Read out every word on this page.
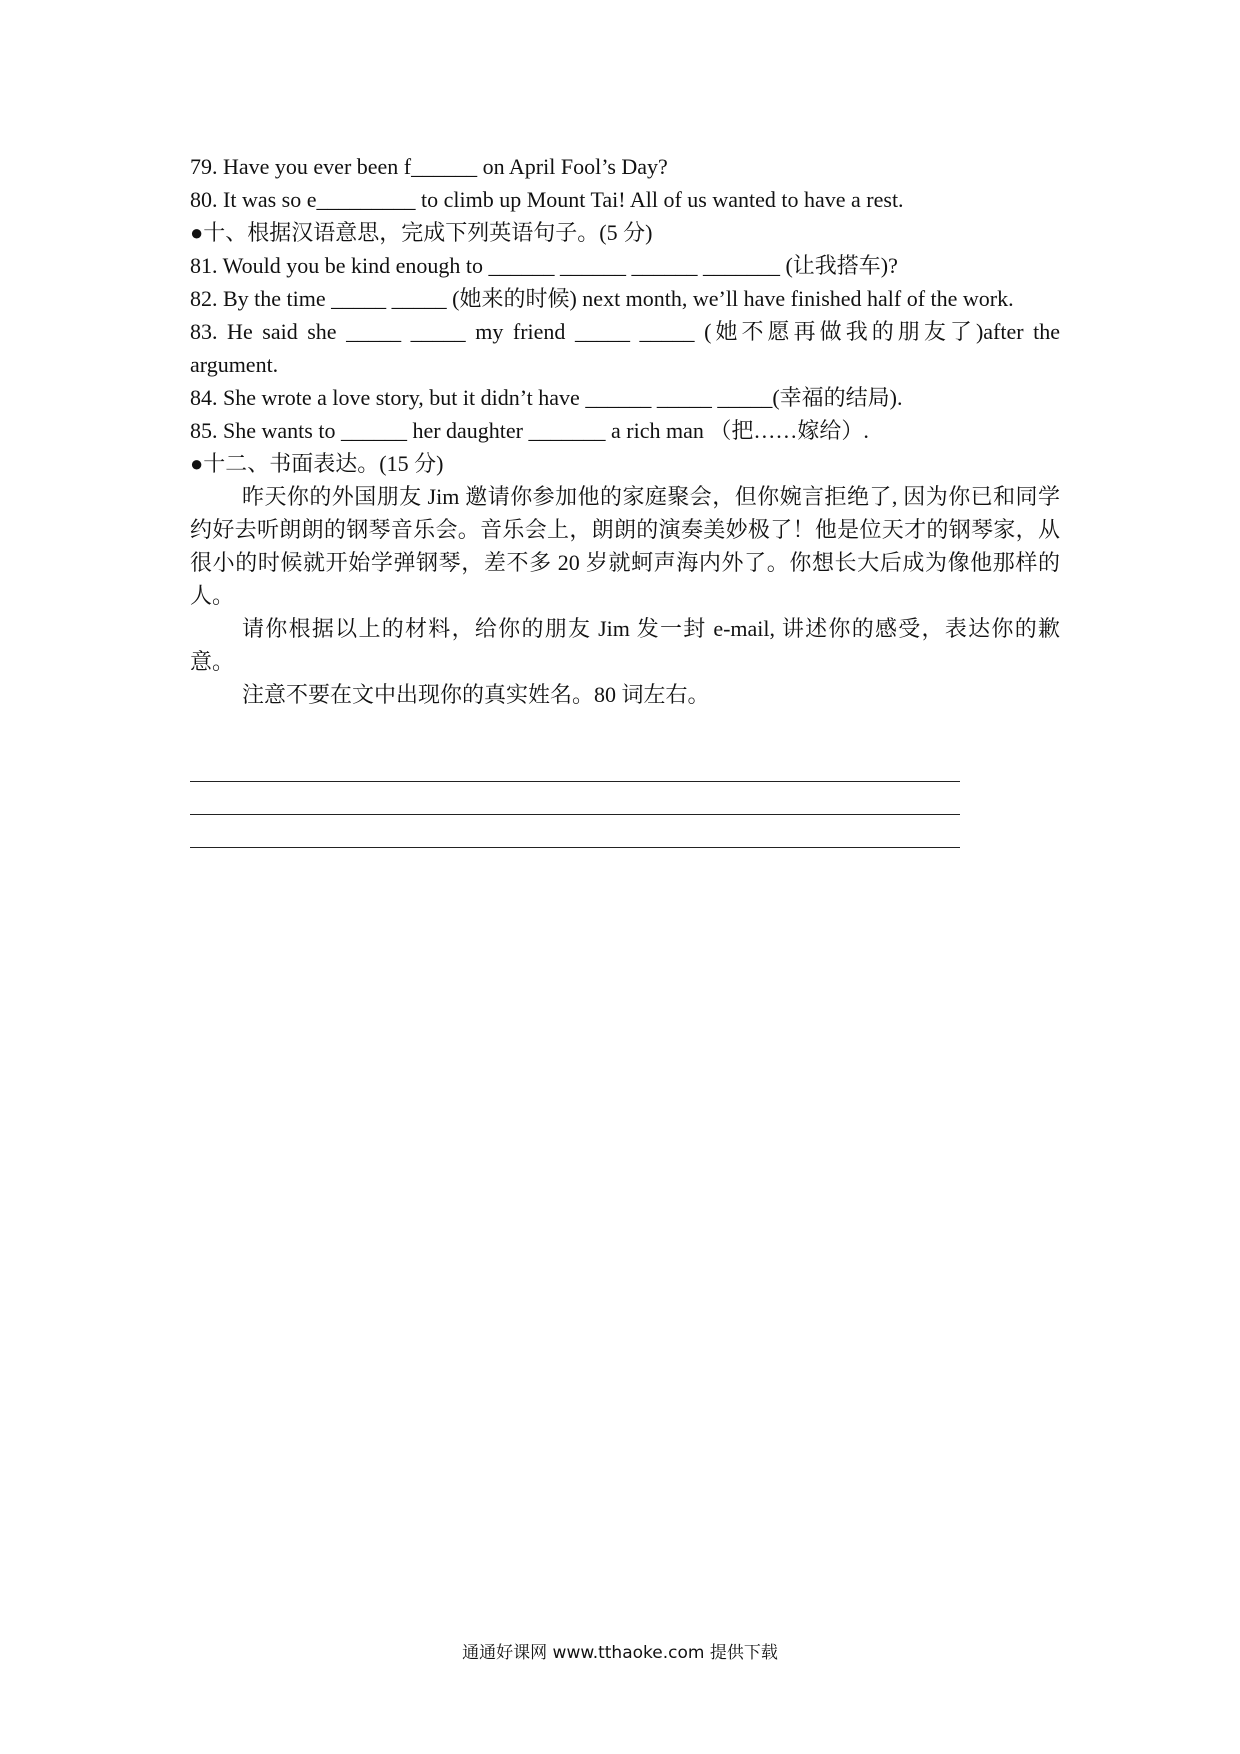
79. Have you ever been f______ on April Fool’s Day?
80. It was so e_________ to climb up Mount Tai! All of us wanted to have a rest.
●十、根据汉语意思，完成下列英语句子。(5 分)
81. Would you be kind enough to ______ ______ ______ _______ (让我搭车)?
82. By the time _____ _____ (她来的时候) next month, we’ll have finished half of the work.
83. He said she _____ _____ my friend _____ _____ (她不愿再做我的朋友了)after the argument.
84. She wrote a love story, but it didn’t have ______ _____ _____(幸福的结局).
85. She wants to ______ her daughter _______ a rich man （把……嫁给）.
●十二、书面表达。(15 分)
昨天你的外国朋友 Jim 邀请你参加他的家庭聚会，但你婉言拒绝了, 因为你已和同学约好去听朗朗的钢琴音乐会。音乐会上，朗朗的演奏美妙极了！他是位天才的钢琴家，从很小的时候就开始学弹钢琴，差不多 20 岁就蚵声海内外了。你想长大后成为像他那样的人。
请你根据以上的材料，给你的朋友 Jim 发一封 e-mail, 讲述你的感受，表达你的歉意。
注意不要在文中出现你的真实姓名。80 词左右。
通通好课网 www.tthaoke.com 提供下载
